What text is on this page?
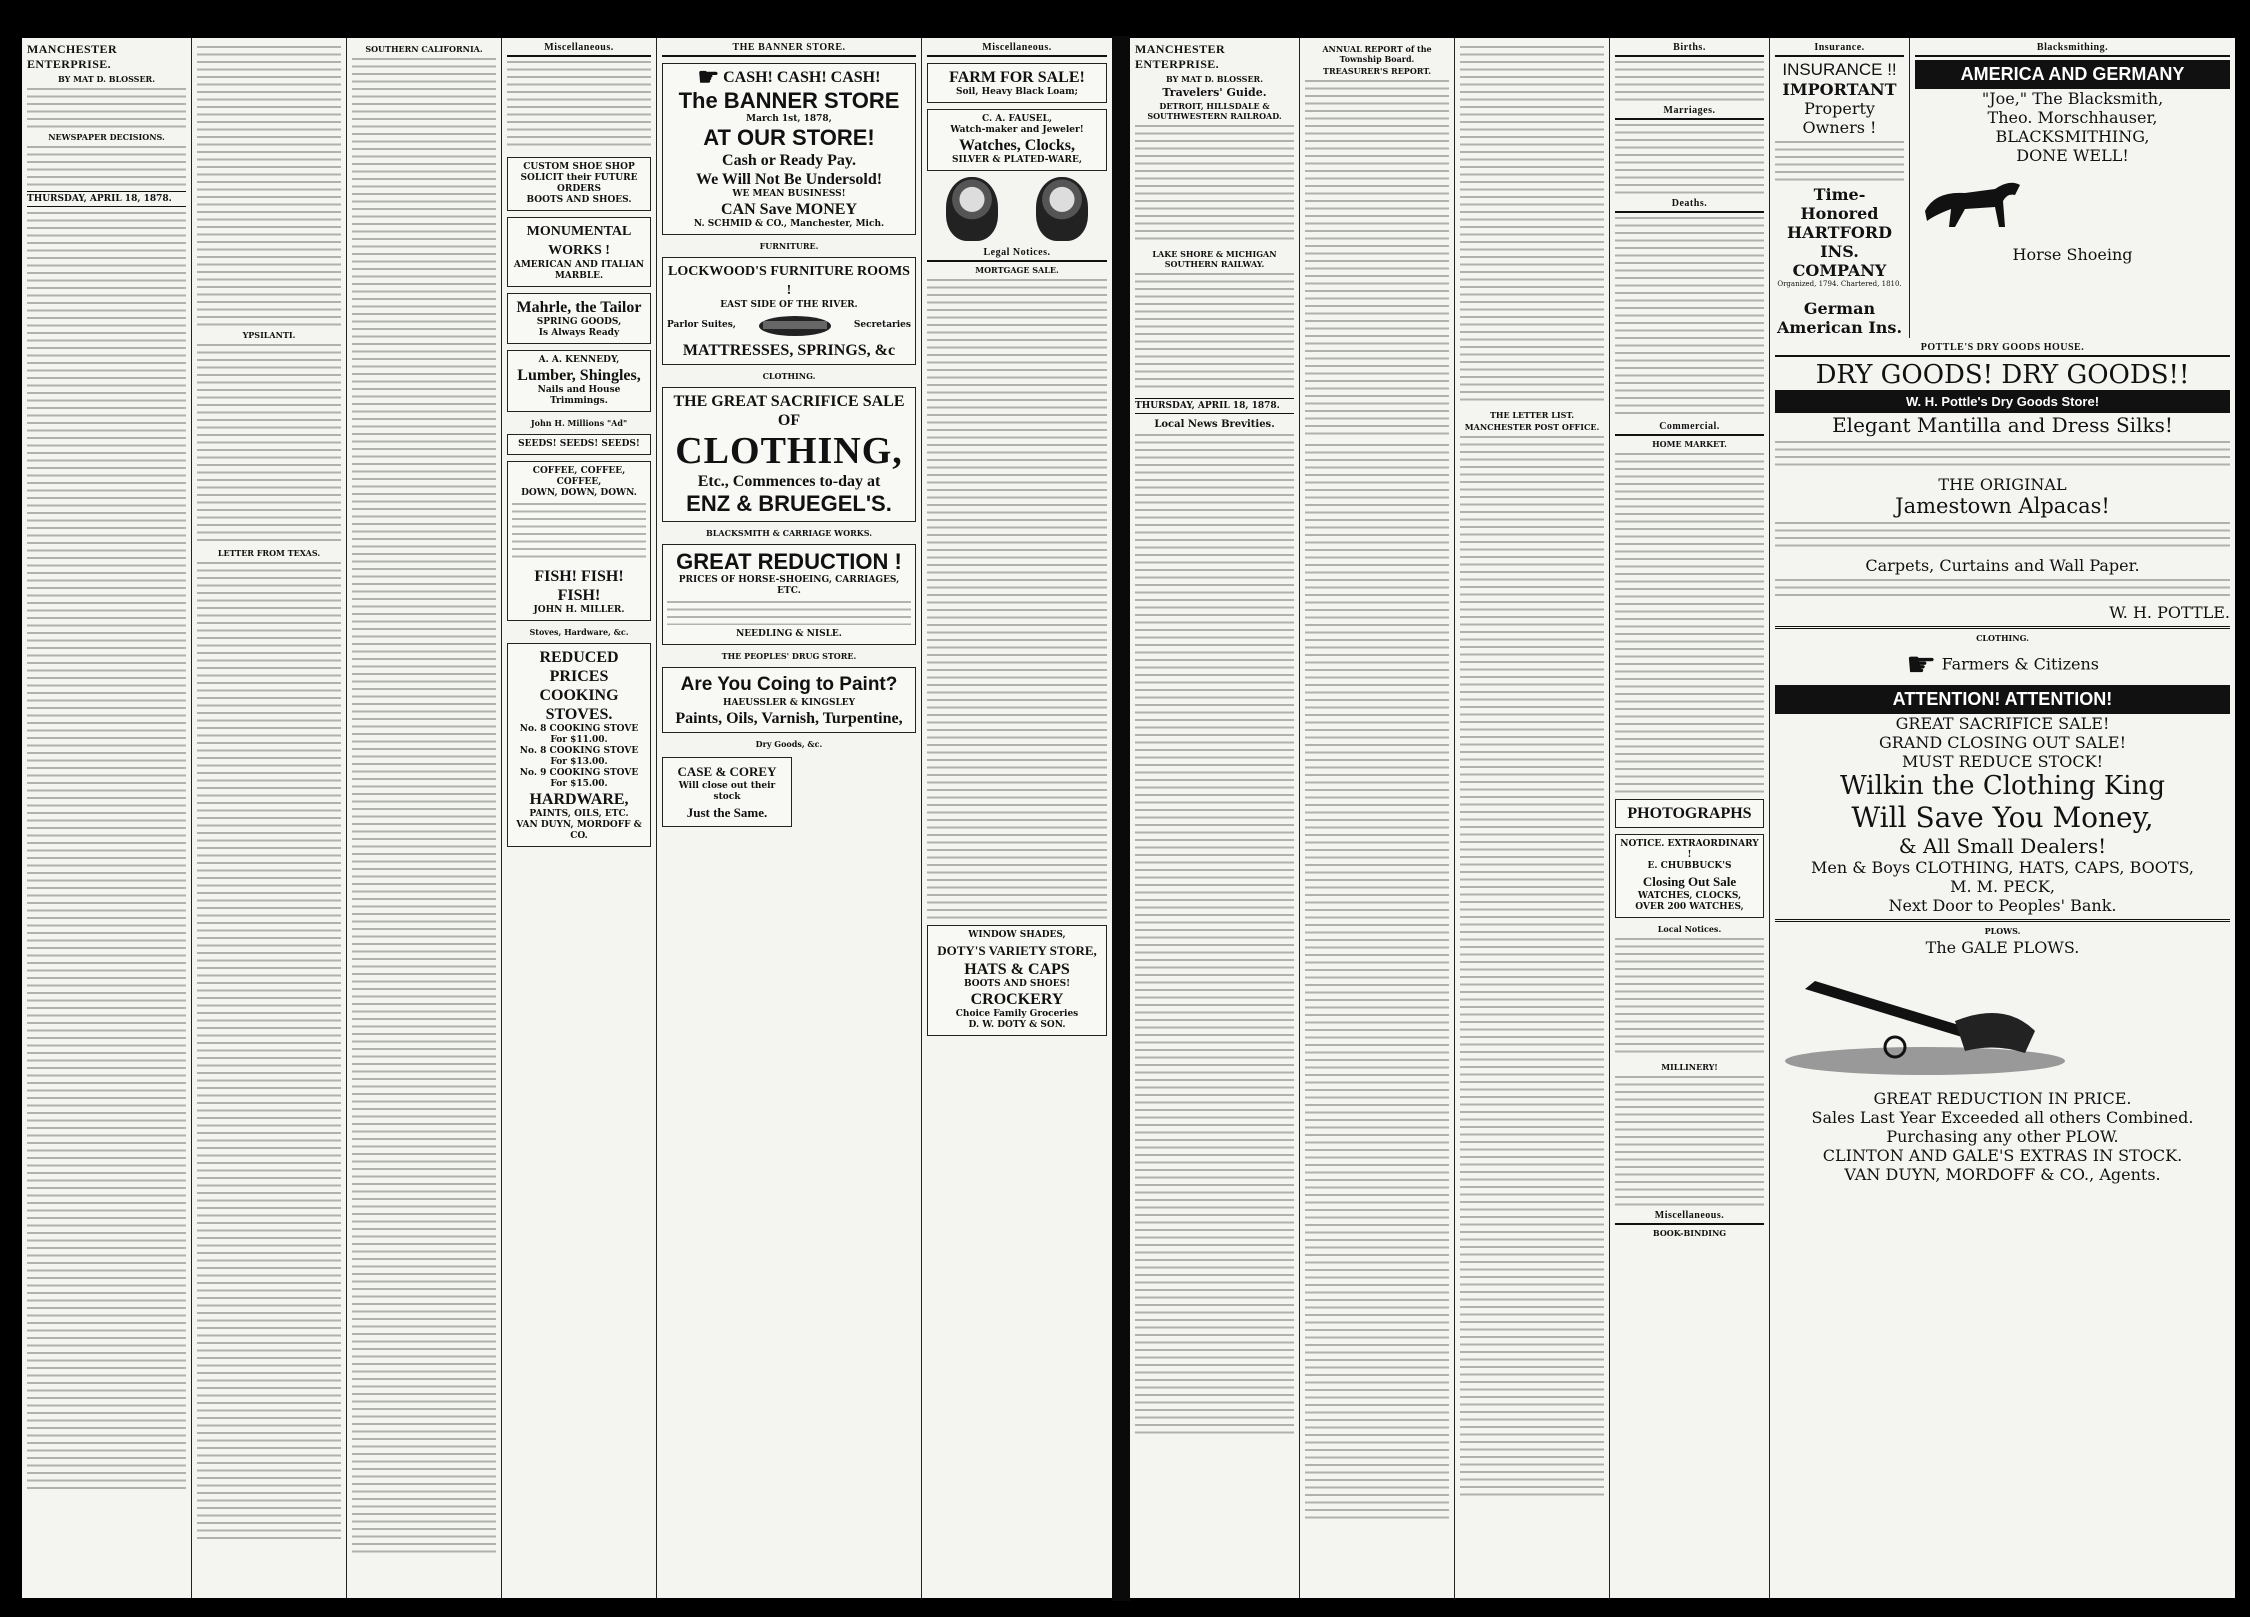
MANCHESTER ENTERPRISE.
BY MAT D. BLOSSER.
NEWSPAPER DECISIONS.
THURSDAY, APRIL 18, 1878.
YPSILANTI.
LETTER FROM TEXAS.
SOUTHERN CALIFORNIA.	Miscellaneous.
CUSTOM SHOE SHOP
SOLICIT their FUTURE ORDERS
BOOTS AND SHOES.
MONUMENTAL WORKS !
AMERICAN AND ITALIAN MARBLE.
Mahrle, the Tailor
SPRING GOODS,
Is Always Ready
A. A. KENNEDY,
Lumber, Shingles,
Nails and House Trimmings.
John H. Millions "Ad"
SEEDS! SEEDS! SEEDS!
COFFEE, COFFEE, COFFEE,
DOWN, DOWN, DOWN.
FISH! FISH! FISH!
JOHN H. MILLER.
Stoves, Hardware, &c.
REDUCED PRICES
COOKING
STOVES.
No. 8 COOKING STOVE
For $11.00.
No. 8 COOKING STOVE
For $13.00.
No. 9 COOKING STOVE
For $15.00.
HARDWARE,
PAINTS, OILS, ETC.
VAN DUYN, MORDOFF & CO.
THE BANNER STORE.
☛ CASH! CASH! CASH!
The BANNER STORE
March 1st, 1878,
AT OUR STORE!
Cash or Ready Pay.
We Will Not Be Undersold!
WE MEAN BUSINESS!
CAN Save MONEY
N. SCHMID & CO., Manchester, Mich.
FURNITURE.
LOCKWOOD'S FURNITURE ROOMS !
EAST SIDE OF THE RIVER.
Parlor Suites,	Secretaries
MATTRESSES, SPRINGS, &c
CLOTHING.
THE GREAT SACRIFICE SALE OF
CLOTHING,
Etc., Commences to-day at
ENZ & BRUEGEL'S.
BLACKSMITH & CARRIAGE WORKS.
GREAT REDUCTION !
PRICES OF HORSE-SHOEING, CARRIAGES, ETC.
NEEDLING & NISLE.
THE PEOPLES' DRUG STORE.
Are You Coing to Paint?
HAEUSSLER & KINGSLEY
Paints, Oils, Varnish, Turpentine,
Dry Goods, &c.
CASE & COREY
Will close out their stock
Just the Same.
Miscellaneous.
FARM FOR SALE!
Soil, Heavy Black Loam;
C. A. FAUSEL,
Watch-maker and Jeweler!
Watches, Clocks,
SILVER & PLATED-WARE,
Legal Notices.
MORTGAGE SALE.
WINDOW SHADES,
DOTY'S VARIETY STORE,
HATS & CAPS
BOOTS AND SHOES!
CROCKERY
Choice Family Groceries
D. W. DOTY & SON.
MANCHESTER ENTERPRISE.
BY MAT D. BLOSSER.
Travelers' Guide.
DETROIT, HILLSDALE & SOUTHWESTERN RAILROAD.
LAKE SHORE & MICHIGAN SOUTHERN RAILWAY.
THURSDAY, APRIL 18, 1878.
Local News Brevities.
ANNUAL REPORT of the Township Board.
TREASURER'S REPORT.
THE LETTER LIST.
MANCHESTER POST OFFICE.
Births.
Marriages.
Deaths.
Commercial.
HOME MARKET.
PHOTOGRAPHS
NOTICE. EXTRAORDINARY !
E. CHUBBUCK'S
Closing Out Sale
WATCHES, CLOCKS,
OVER 200 WATCHES,
Local Notices.
MILLINERY!
Miscellaneous.
BOOK-BINDING
Insurance.
INSURANCE !!
IMPORTANT
Property Owners !
Time-Honored
HARTFORD INS. COMPANY
Organized, 1794. Chartered, 1810.
German American Ins.
Blacksmithing.
AMERICA AND GERMANY
"Joe," The Blacksmith,
Theo. Morschhauser,
BLACKSMITHING,
DONE WELL!
Horse Shoeing
POTTLE'S DRY GOODS HOUSE.
DRY GOODS! DRY GOODS!!
W. H. Pottle's Dry Goods Store!
Elegant Mantilla and Dress Silks!
THE ORIGINAL
Jamestown Alpacas!
Carpets, Curtains and Wall Paper.
W. H. POTTLE.
CLOTHING.
☛ Farmers & Citizens
ATTENTION! ATTENTION!
GREAT SACRIFICE SALE!
GRAND CLOSING OUT SALE!
MUST REDUCE STOCK!
Wilkin the Clothing King
Will Save You Money,
& All Small Dealers!
Men & Boys CLOTHING, HATS, CAPS, BOOTS,
M. M. PECK,
Next Door to Peoples' Bank.
PLOWS.
The GALE PLOWS.
GREAT REDUCTION IN PRICE.
Sales Last Year Exceeded all others Combined.
Purchasing any other PLOW.
CLINTON AND GALE'S EXTRAS IN STOCK.
VAN DUYN, MORDOFF & CO., Agents.
